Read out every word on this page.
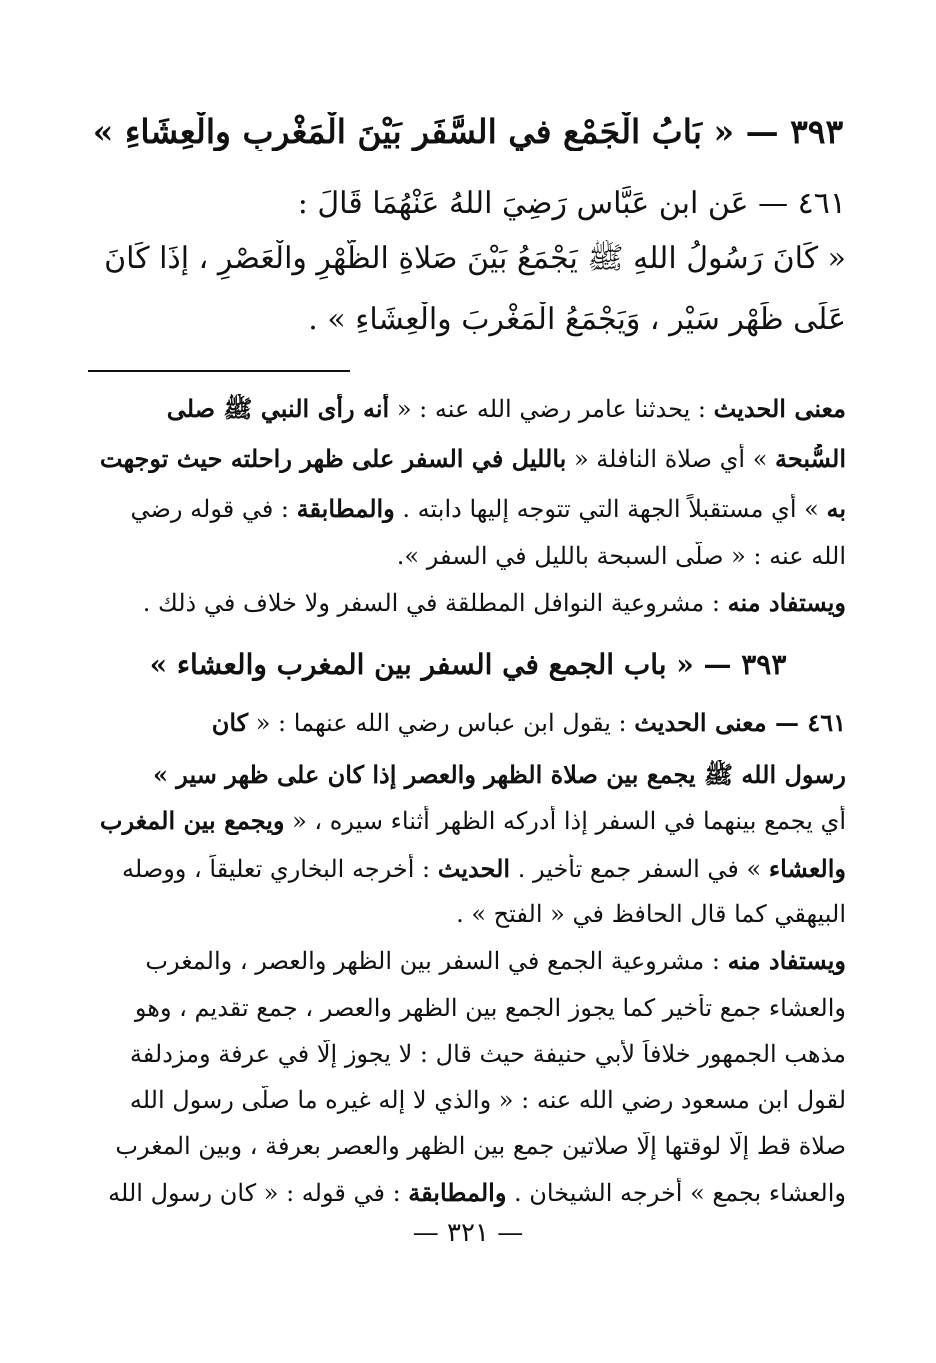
٣٩٣ — « بَابُ الْجَمْعِ في السَّفَرِ بَيْنَ الْمَغْرِبِ والْعِشَاءِ »
٤٦١ — عَنِ ابنِ عَبَّاسٍ رَضِيَ اللهُ عَنْهُمَا قَالَ :
« كَانَ رَسُولُ اللهِ ﷺ يَجْمَعُ بَيْنَ صَلاةِ الظُّهْرِ والْعَصْرِ ، إذَا كَانَ
عَلَى ظَهْرِ سَيْرٍ ، وَيَجْمَعُ الْمَغْرِبَ والْعِشَاءِ » .
معنى الحديث : يحدثنا عامر رضي الله عنه : « أنه رأى النبي ﷺ صلى
السُّبحة » أي صلاة النافلة « بالليل في السفر على ظهر راحلته حيث توجهت
به » أي مستقبلاً الجهة التي تتوجه إليها دابته . والمطابقة : في قوله رضي
الله عنه : « صلّى السبحة بالليل في السفر ».
ويستفاد منه : مشروعية النوافل المطلقة في السفر ولا خلاف في ذلك .
٣٩٣ — « باب الجمع في السفر بين المغرب والعشاء »
٤٦١ — معنى الحديث : يقول ابن عباس رضي الله عنهما : « كان
رسول الله ﷺ يجمع بين صلاة الظهر والعصر إذا كان على ظهر سير »
أي يجمع بينهما في السفر إذا أدركه الظهر أثناء سيره ، « ويجمع بين المغرب
والعشاء » في السفر جمع تأخير . الحديث : أخرجه البخاري تعليقاً ، ووصله
البيهقي كما قال الحافظ في « الفتح » .
ويستفاد منه : مشروعية الجمع في السفر بين الظهر والعصر ، والمغرب
والعشاء جمع تأخير كما يجوز الجمع بين الظهر والعصر ، جمع تقديم ، وهو
مذهب الجمهور خلافاً لأبي حنيفة حيث قال : لا يجوز إلّا في عرفة ومزدلفة
لقول ابن مسعود رضي الله عنه : « والذي لا إله غيره ما صلّى رسول الله
صلاة قط إلّا لوقتها إلّا صلاتين جمع بين الظهر والعصر بعرفة ، وبين المغرب
والعشاء بجمع » أخرجه الشيخان . والمطابقة : في قوله : « كان رسول الله
— ٣٢١ —
